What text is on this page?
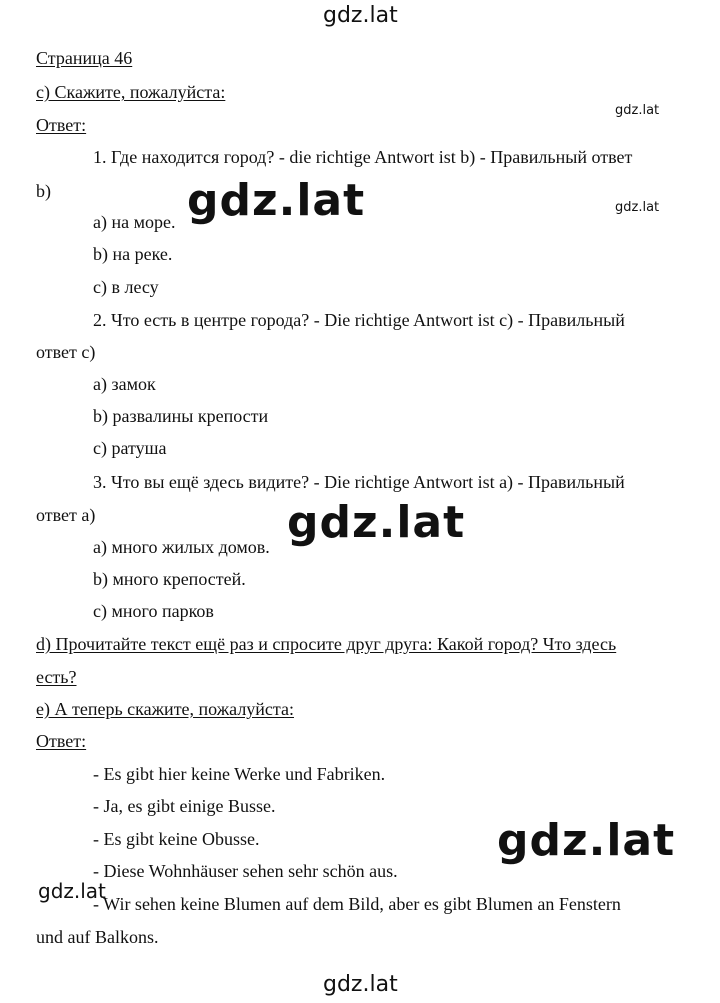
gdz.lat
gdz.lat
gdz.lat
Страница 46
c) Скажите, пожалуйста:
Ответ:
1. Где находится город? - die richtige Antwort ist b) - Правильный ответ
b)
a) на море.
b) на реке.
c) в лесу
2. Что есть в центре города? - Die richtige Antwort ist c) - Правильный
ответ c)
a) замок
b) развалины крепости
c) ратуша
3. Что вы ещё здесь видите? - Die richtige Antwort ist a) - Правильный
ответ a)
a) много жилых домов.
b) много крепостей.
c) много парков
d) Прочитайте текст ещё раз и спросите друг друга: Какой город? Что здесь
есть?
e) А теперь скажите, пожалуйста:
Ответ:
- Es gibt hier keine Werke und Fabriken.
- Ja, es gibt einige Busse.
- Es gibt keine Obusse.
- Diese Wohnhäuser sehen sehr schön aus.
- Wir sehen keine Blumen auf dem Bild, aber es gibt Blumen an Fenstern
und auf Balkons.
gdz.lat
gdz.lat
gdz.lat
gdz.lat
gdz.lat
